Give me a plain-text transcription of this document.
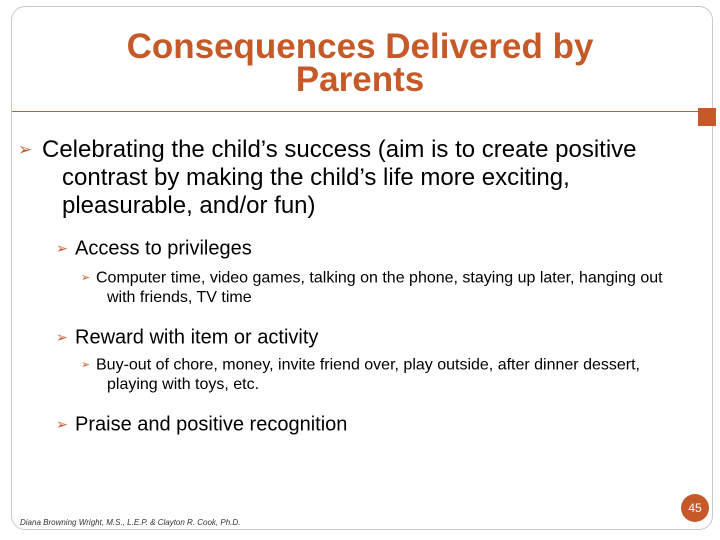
Consequences Delivered by Parents
➢ Celebrating the child’s success (aim is to create positive contrast by making the child’s life more exciting, pleasurable, and/or fun)
➢ Access to privileges
➢ Computer time, video games, talking on the phone, staying up later, hanging out with friends, TV time
➢ Reward with item or activity
➢ Buy-out of chore, money, invite friend over, play outside, after dinner dessert, playing with toys, etc.
➢ Praise and positive recognition
Diana Browning Wright, M.S., L.E.P. & Clayton R. Cook, Ph.D.
45
